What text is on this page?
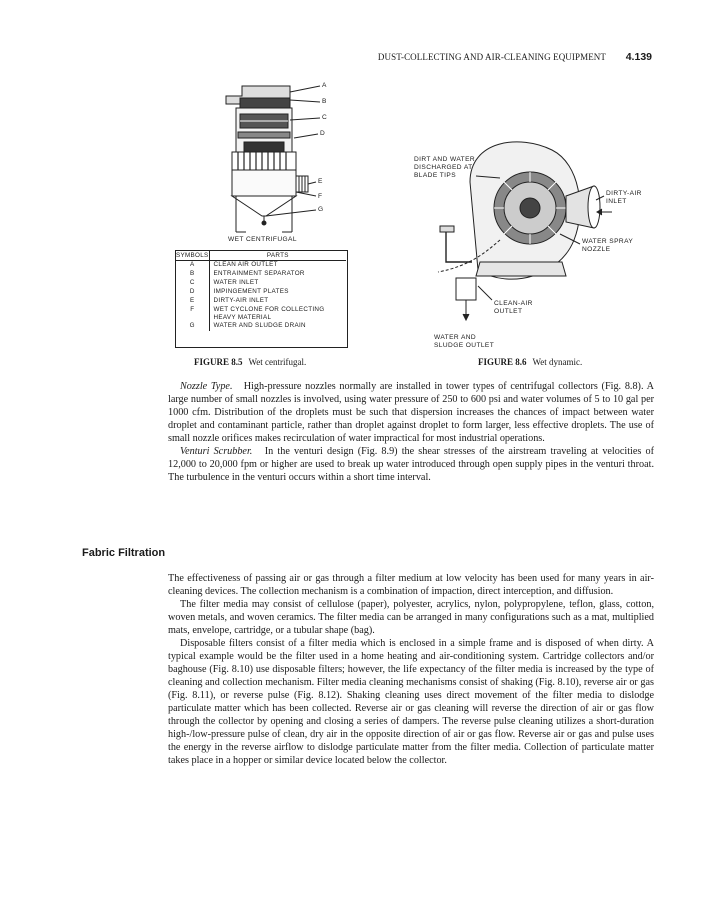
DUST-COLLECTING AND AIR-CLEANING EQUIPMENT 4.139
A
B
C
D
E
F
G
WET CENTRIFUGAL
SYMBOLS	PARTS
A	CLEAN AIR OUTLET
B	ENTRAINMENT SEPARATOR
C	WATER INLET
D	IMPINGEMENT PLATES
E	DIRTY-AIR INLET
F	WET CYCLONE FOR COLLECTING HEAVY MATERIAL
G	WATER AND SLUDGE DRAIN
DIRT AND WATER
DISCHARGED AT
BLADE TIPS
DIRTY-AIR
INLET
WATER SPRAY
NOZZLE
CLEAN-AIR
OUTLET
WATER AND
SLUDGE OUTLET
FIGURE 8.5 Wet centrifugal.	FIGURE 8.6 Wet dynamic.

Nozzle Type. High-pressure nozzles normally are installed in tower types of centrifugal collectors (Fig. 8.8). A large number of small nozzles is involved, using water pressure of 250 to 600 psi and water volumes of 5 to 10 gal per 1000 cfm. Distribution of the droplets must be such that dispersion increases the chances of impact between water droplet and contaminant particle, rather than droplet against droplet to form larger, less effective droplets. The use of small nozzle orifices makes recirculation of water impractical for most industrial operations.

Venturi Scrubber. In the venturi design (Fig. 8.9) the shear stresses of the airstream traveling at velocities of 12,000 to 20,000 fpm or higher are used to break up water introduced through open supply pipes in the venturi throat. The turbulence in the venturi occurs within a short time interval.

Fabric Filtration

The effectiveness of passing air or gas through a filter medium at low velocity has been used for many years in air-cleaning devices. The collection mechanism is a combination of impaction, direct interception, and diffusion.

The filter media may consist of cellulose (paper), polyester, acrylics, nylon, polypropylene, teflon, glass, cotton, woven metals, and woven ceramics. The filter media can be arranged in many configurations such as a mat, multiplied mats, envelope, cartridge, or a tubular shape (bag).

Disposable filters consist of a filter media which is enclosed in a simple frame and is disposed of when dirty. A typical example would be the filter used in a home heating and air-conditioning system. Cartridge collectors and/or baghouse (Fig. 8.10) use disposable filters; however, the life expectancy of the filter media is increased by the type of cleaning and collection mechanism. Filter media cleaning mechanisms consist of shaking (Fig. 8.10), reverse air or gas (Fig. 8.11), or reverse pulse (Fig. 8.12). Shaking cleaning uses direct movement of the filter media to dislodge particulate matter which has been collected. Reverse air or gas cleaning will reverse the direction of air or gas flow through the collector by opening and closing a series of dampers. The reverse pulse cleaning utilizes a short-duration high-/low-pressure pulse of clean, dry air in the opposite direction of air or gas flow. Reverse air or gas and pulse uses the energy in the reverse airflow to dislodge particulate matter from the filter media. Collection of particulate matter takes place in a hopper or similar device located below the collector.
